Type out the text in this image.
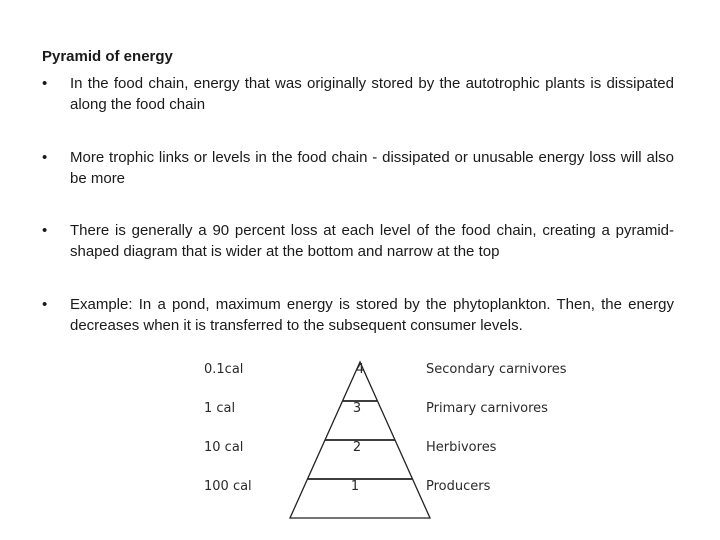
Pyramid of energy
•	In the food chain, energy that was originally stored by the autotrophic plants is dissipated along the food chain
•	More trophic links or levels in the food chain - dissipated or unusable energy loss will also be more
•	There is generally a 90 percent loss at each level of the food chain, creating a pyramid-shaped diagram that is wider at the bottom and narrow at the top
•	Example: In a pond, maximum energy is stored by the phytoplankton. Then, the energy decreases when it is transferred to the subsequent consumer levels.
0.1cal	4	Secondary carnivores
1 cal	3	Primary carnivores
10 cal	2	Herbivores
100 cal	1	Producers
